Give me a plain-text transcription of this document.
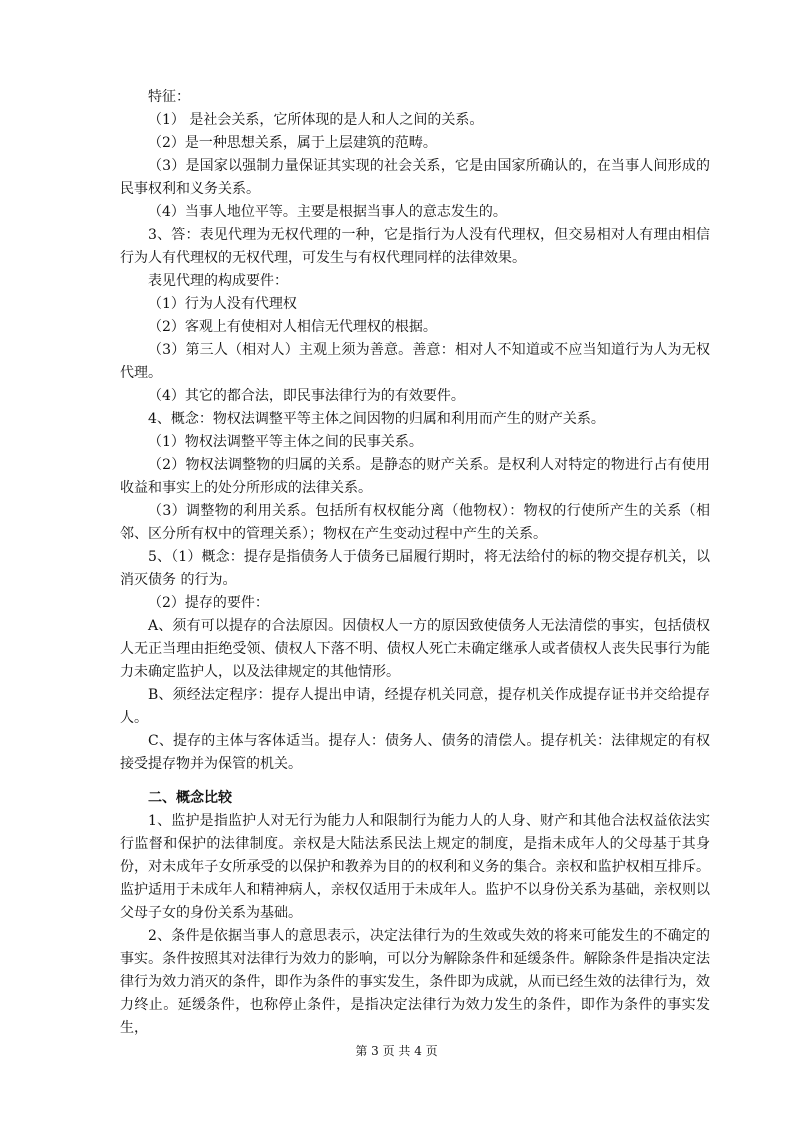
特征：

（1） 是社会关系，它所体现的是人和人之间的关系。

（2）是一种思想关系，属于上层建筑的范畴。

（3）是国家以强制力量保证其实现的社会关系，它是由国家所确认的，在当事人间形成的民事权利和义务关系。

（4）当事人地位平等。主要是根据当事人的意志发生的。

3、答：表见代理为无权代理的一种，它是指行为人没有代理权，但交易相对人有理由相信行为人有代理权的无权代理，可发生与有权代理同样的法律效果。

表见代理的构成要件：

（1）行为人没有代理权

（2）客观上有使相对人相信无代理权的根据。

（3）第三人（相对人）主观上须为善意。善意：相对人不知道或不应当知道行为人为无权代理。

（4）其它的都合法，即民事法律行为的有效要件。

4、概念：物权法调整平等主体之间因物的归属和利用而产生的财产关系。

（1）物权法调整平等主体之间的民事关系。

（2）物权法调整物的归属的关系。是静态的财产关系。是权利人对特定的物进行占有使用收益和事实上的处分所形成的法律关系。

（3）调整物的利用关系。包括所有权权能分离（他物权）：物权的行使所产生的关系（相邻、区分所有权中的管理关系）；物权在产生变动过程中产生的关系。

5、（1）概念：提存是指债务人于债务已届履行期时，将无法给付的标的物交提存机关，以消灭债务 的行为。

（2）提存的要件：

A、须有可以提存的合法原因。因债权人一方的原因致使债务人无法清偿的事实，包括债权人无正当理由拒绝受领、债权人下落不明、债权人死亡未确定继承人或者债权人丧失民事行为能力未确定监护人，以及法律规定的其他情形。

B、须经法定程序：提存人提出申请，经提存机关同意，提存机关作成提存证书并交给提存人。

C、提存的主体与客体适当。提存人：债务人、债务的清偿人。提存机关：法律规定的有权接受提存物并为保管的机关。

二、概念比较

1、监护是指监护人对无行为能力人和限制行为能力人的人身、财产和其他合法权益依法实行监督和保护的法律制度。亲权是大陆法系民法上规定的制度，是指未成年人的父母基于其身份，对未成年子女所承受的以保护和教养为目的的权利和义务的集合。亲权和监护权相互排斥。监护适用于未成年人和精神病人，亲权仅适用于未成年人。监护不以身份关系为基础，亲权则以父母子女的身份关系为基础。

2、条件是依据当事人的意思表示，决定法律行为的生效或失效的将来可能发生的不确定的事实。条件按照其对法律行为效力的影响，可以分为解除条件和延缓条件。解除条件是指决定法律行为效力消灭的条件，即作为条件的事实发生，条件即为成就，从而已经生效的法律行为，效力终止。延缓条件，也称停止条件，是指决定法律行为效力发生的条件，即作为条件的事实发生，

第 3 页 共 4 页
